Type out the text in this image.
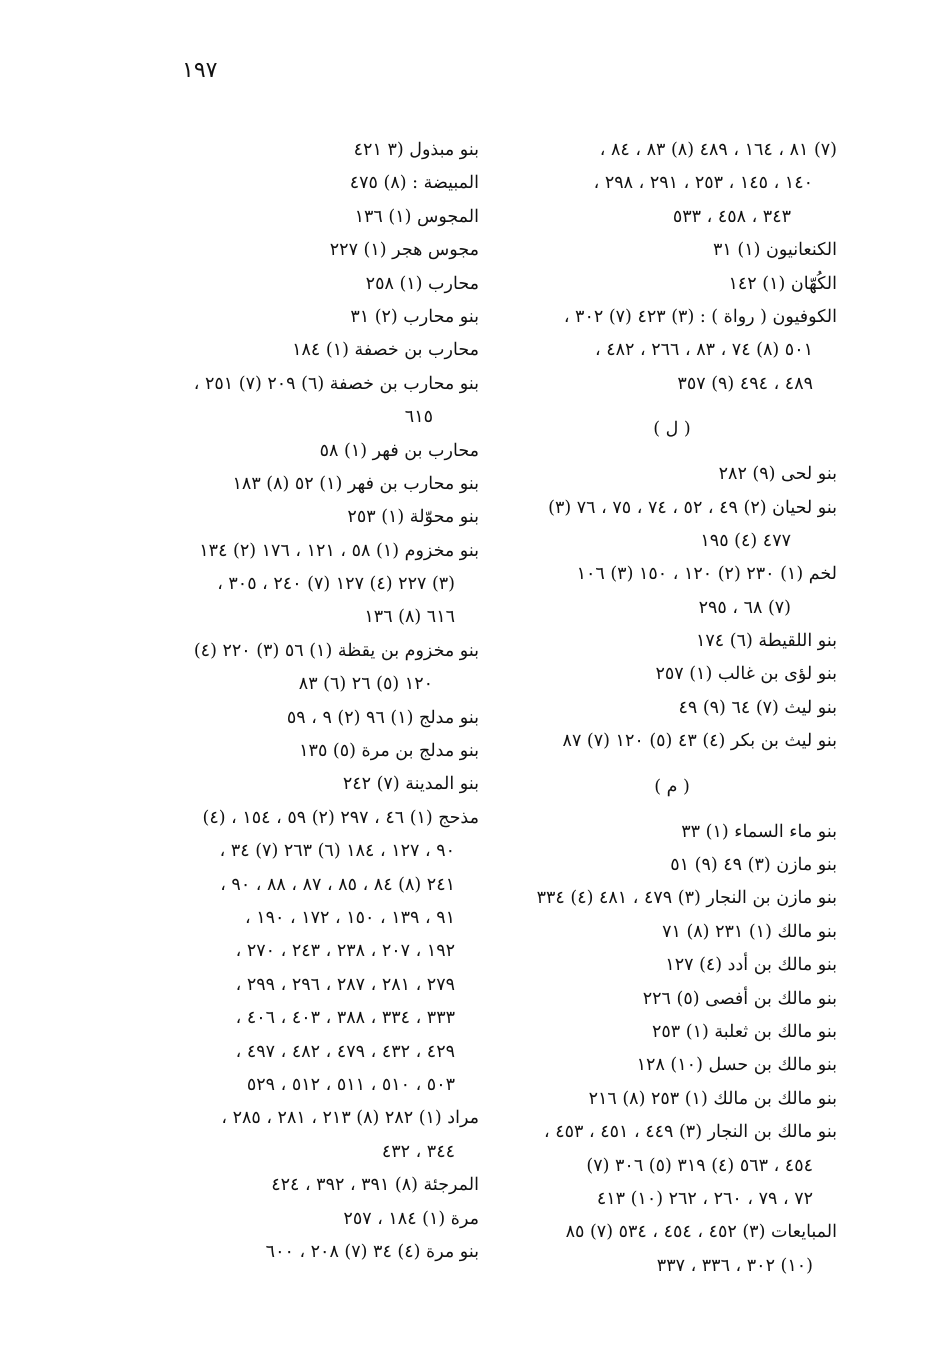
١٩٧
(٧) ٨١ ، ١٦٤ ، ٤٨٩ (٨) ٨٣ ، ٨٤ ،
١٤٠ ، ١٤٥ ، ٢٥٣ ، ٢٩١ ، ٢٩٨ ،
٣٤٣ ، ٤٥٨ ، ٥٣٣
الكنعانيون (١) ٣١
الكُهّان (١) ١٤٢
الكوفيون ( رواة ) : (٣) ٤٢٣ (٧) ٣٠٢ ،
٥٠١ (٨) ٧٤ ، ٨٣ ، ٢٦٦ ، ٤٨٢ ،
٤٨٩ ، ٤٩٤ (٩) ٣٥٧
( ل )
بنو لحى (٩) ٢٨٢
بنو لحيان (٢) ٤٩ ، ٥٢ ، ٧٤ ، ٧٥ ، ٧٦ (٣)
٤٧٧ (٤) ١٩٥
لخم (١) ٢٣٠ (٢) ١٢٠ ، ١٥٠ (٣) ١٠٦
(٧) ٦٨ ، ٢٩٥
بنو اللقيطة (٦) ١٧٤
بنو لؤى بن غالب (١) ٢٥٧
بنو ليث (٧) ٦٤ (٩) ٤٩
بنو ليث بن بكر (٤) ٤٣ (٥) ١٢٠ (٧) ٨٧
( م )
بنو ماء السماء (١) ٣٣
بنو مازن (٣) ٤٩ (٩) ٥١
بنو مازن بن النجار (٣) ٤٧٩ ، ٤٨١ (٤) ٣٣٤
بنو مالك (١) ٢٣١ (٨) ٧١
بنو مالك بن أدد (٤) ١٢٧
بنو مالك بن أفصى (٥) ٢٢٦
بنو مالك بن ثعلبة (١) ٢٥٣
بنو مالك بن حسل (١٠) ١٢٨
بنو مالك بن مالك (١) ٢٥٣ (٨) ٢١٦
بنو مالك بن النجار (٣) ٤٤٩ ، ٤٥١ ، ٤٥٣ ،
٤٥٤ ، ٥٦٣ (٤) ٣١٩ (٥) ٣٠٦ (٧)
٧٢ ، ٧٩ ، ٢٦٠ ، ٢٦٢ (١٠) ٤١٣
المبايعات (٣) ٤٥٢ ، ٤٥٤ ، ٥٣٤ (٧) ٨٥
(١٠) ٣٠٢ ، ٣٣٦ ، ٣٣٧
بنو مبذول (٣ ٤٢١
المبيضة : (٨) ٤٧٥
المجوس (١) ١٣٦
مجوس هجر (١) ٢٢٧
محارب (١) ٢٥٨
بنو محارب (٢) ٣١
محارب بن خصفة (١) ١٨٤
بنو محارب بن خصفة (٦) ٢٠٩ (٧) ٢٥١ ،
٦١٥
محارب بن فهر (١) ٥٨
بنو محارب بن فهر (١) ٥٢ (٨) ١٨٣
بنو محوّلة (١) ٢٥٣
بنو مخزوم (١) ٥٨ ، ١٢١ ، ١٧٦ (٢) ١٣٤
(٣) ٢٢٧ (٤) ١٢٧ (٧) ٢٤٠ ، ٣٠٥ ،
٦١٦ (٨) ١٣٦
بنو مخزوم بن يقظة (١) ٥٦ (٣) ٢٢٠ (٤)
١٢٠ (٥) ٢٦ (٦) ٨٣
بنو مدلج (١) ٩٦ (٢) ٩ ، ٥٩
بنو مدلج بن مرة (٥) ١٣٥
بنو المدينة (٧) ٢٤٢
مذحج (١) ٤٦ ، ٢٩٧ (٢) ٥٩ ، ١٥٤ ، (٤)
٩٠ ، ١٢٧ ، ١٨٤ (٦) ٢٦٣ (٧) ٣٤ ،
٢٤١ (٨) ٨٤ ، ٨٥ ، ٨٧ ، ٨٨ ، ٩٠ ،
٩١ ، ١٣٩ ، ١٥٠ ، ١٧٢ ، ١٩٠ ،
١٩٢ ، ٢٠٧ ، ٢٣٨ ، ٢٤٣ ، ٢٧٠ ،
٢٧٩ ، ٢٨١ ، ٢٨٧ ، ٢٩٦ ، ٢٩٩ ،
٣٣٣ ، ٣٣٤ ، ٣٨٨ ، ٤٠٣ ، ٤٠٦ ،
٤٢٩ ، ٤٣٢ ، ٤٧٩ ، ٤٨٢ ، ٤٩٧ ،
٥٠٣ ، ٥١٠ ، ٥١١ ، ٥١٢ ، ٥٢٩
مراد (١) ٢٨٢ (٨) ٢١٣ ، ٢٨١ ، ٢٨٥ ،
٣٤٤ ، ٤٣٢
المرجئة (٨) ٣٩١ ، ٣٩٢ ، ٤٢٤
مرة (١) ١٨٤ ، ٢٥٧
بنو مرة (٤) ٣٤ (٧) ٢٠٨ ، ٦٠٠
